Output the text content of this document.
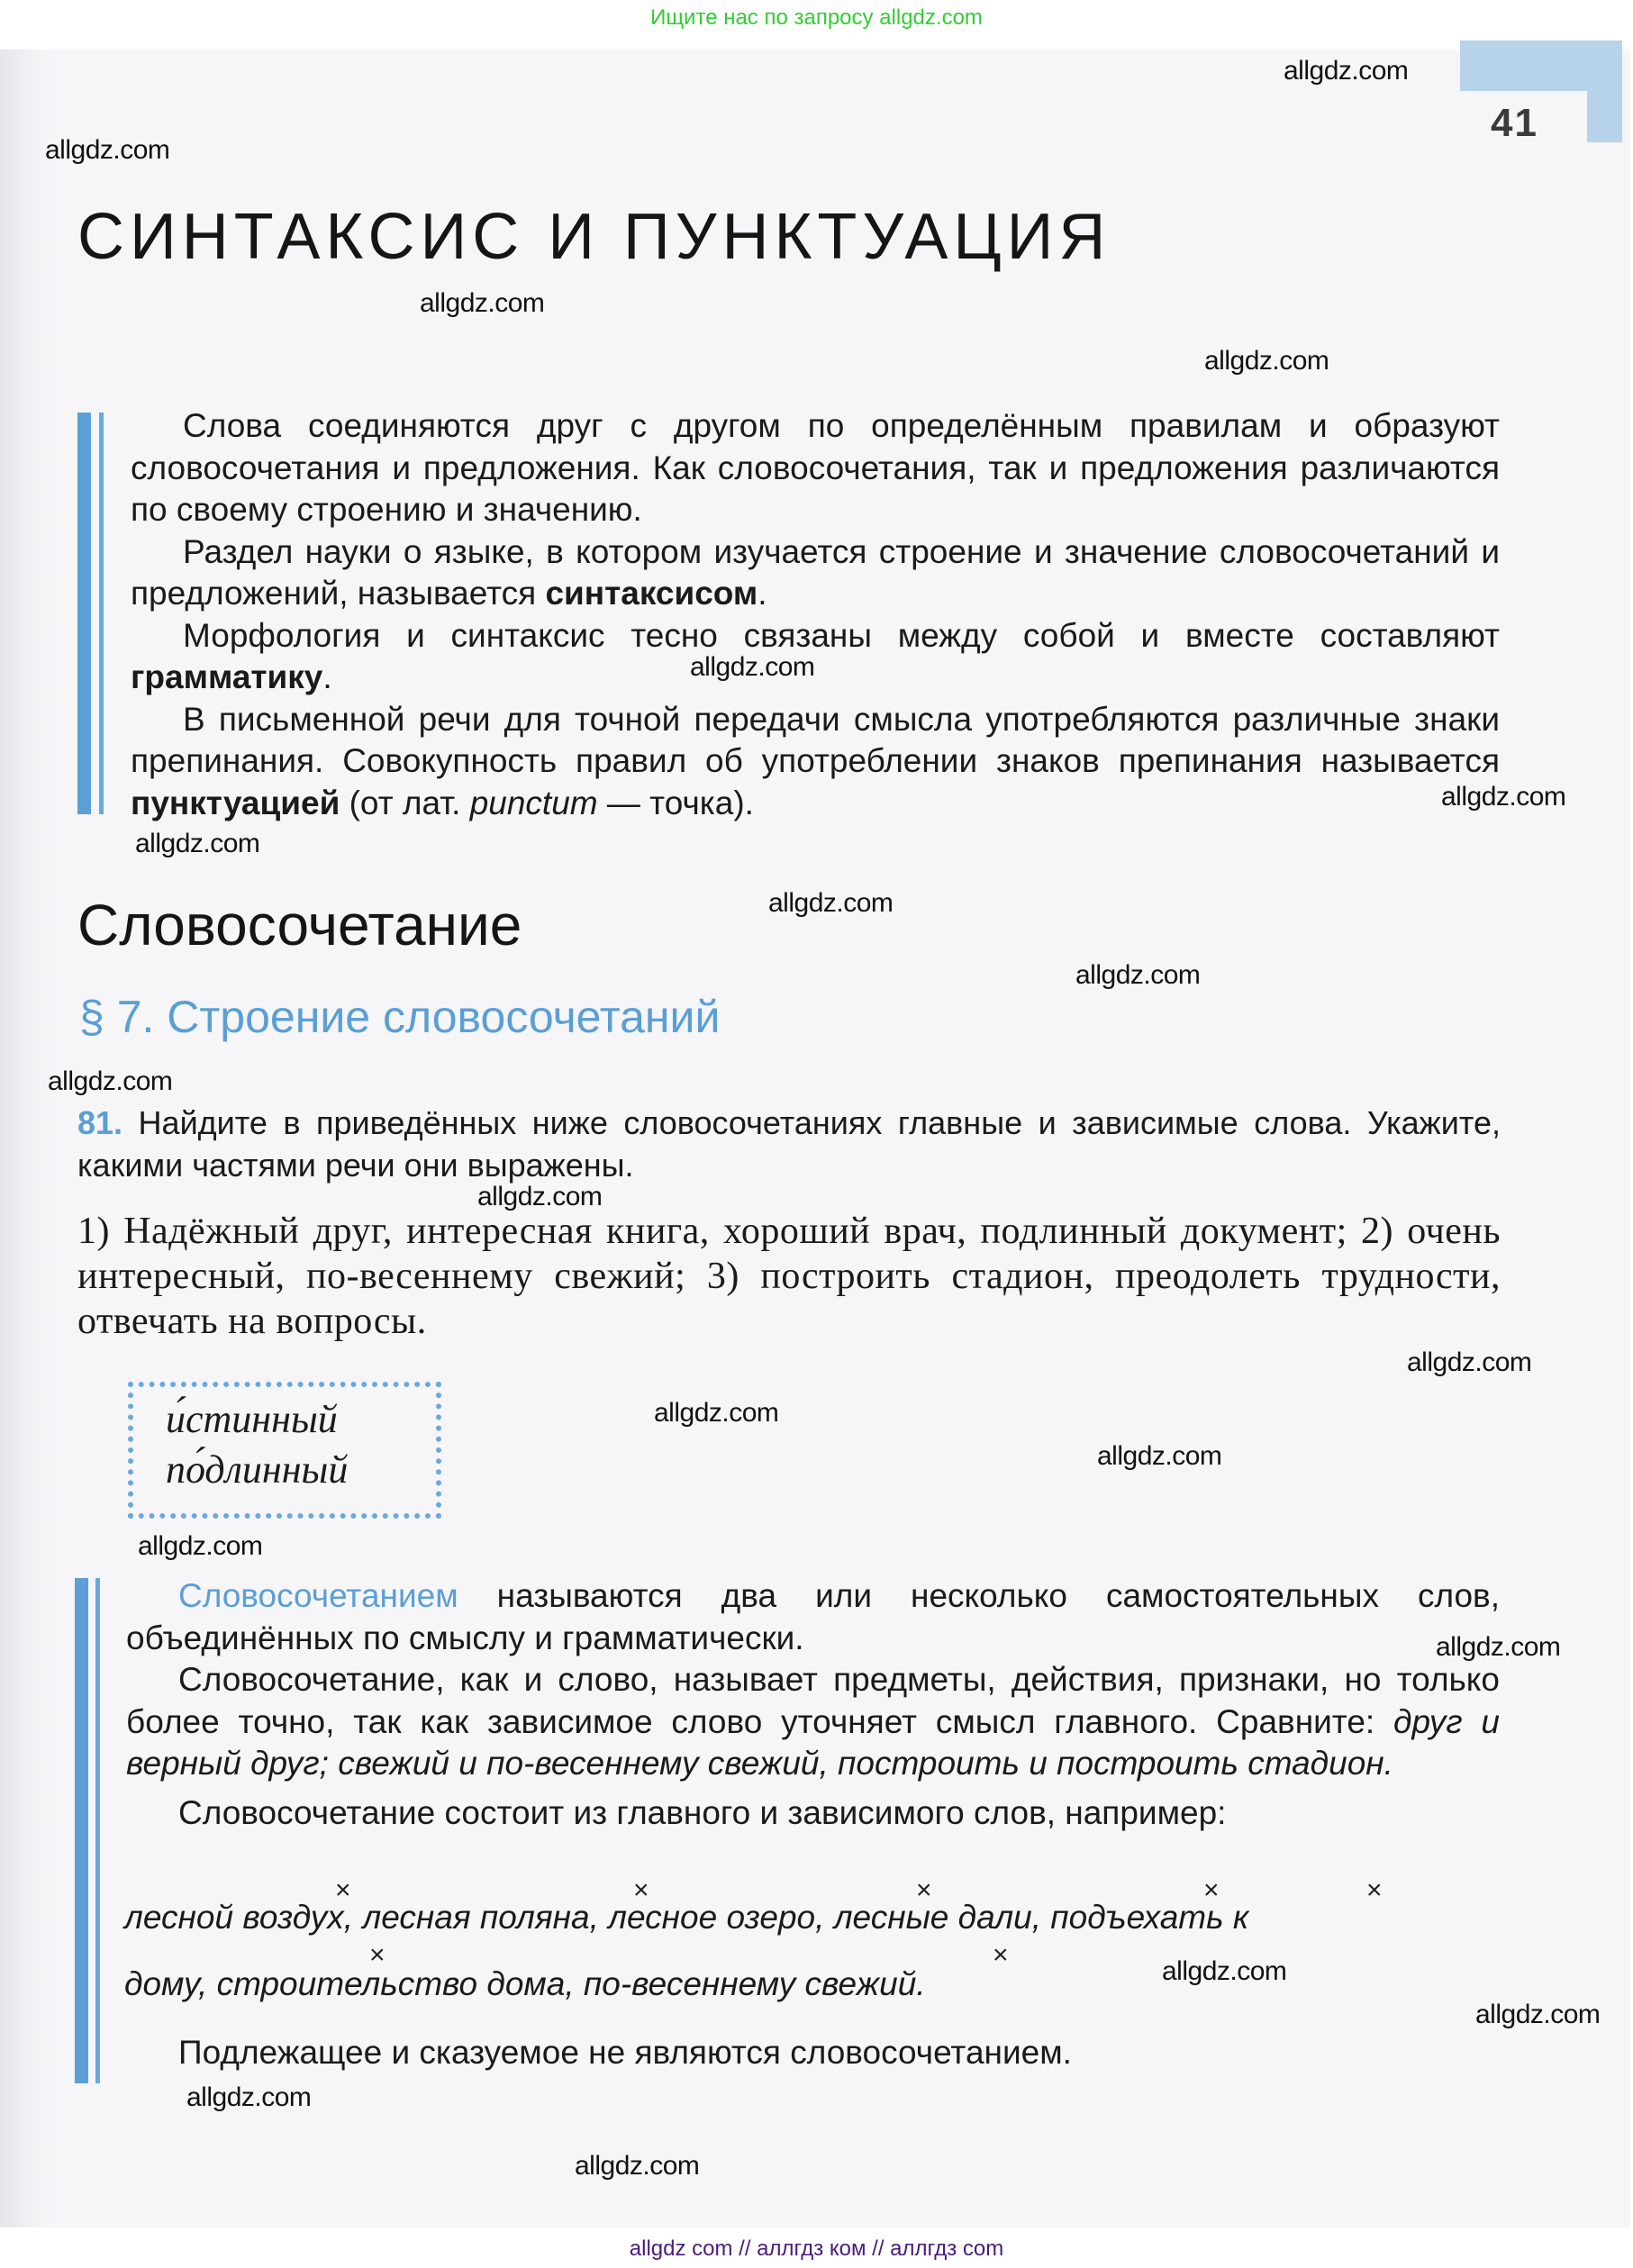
Ищите нас по запросу allgdz.com
41
СИНТАКСИС И ПУНКТУАЦИЯ

Слова соединяются друг с другом по определённым правилам и образуют словосочетания и предложения. Как словосочетания, так и предложения различаются по своему строению и значению.

Раздел науки о языке, в котором изучается строение и значение словосочетаний и предложений, называется синтаксисом.

Морфология и синтаксис тесно связаны между собой и вместе составляют грамматику.

В письменной речи для точной передачи смысла употребляются различные знаки препинания. Совокупность правил об употреблении знаков препинания называется пунктуацией (от лат. punctum — точка).

Словосочетание
§ 7. Строение словосочетаний
81. Найдите в приведённых ниже словосочетаниях главные и зависимые слова. Укажите, какими частями речи они выражены.
1) Надёжный друг, интересная книга, хороший врач, подлинный документ; 2) очень интересный, по-весеннему свежий; 3) построить стадион, преодолеть трудности, отвечать на вопросы.
и́стинный
по́длинный

Словосочетанием называются два или несколько самостоятельных слов, объединённых по смыслу и грамматически.

Словосочетание, как и слово, называет предметы, действия, признаки, но только более точно, так как зависимое слово уточняет смысл главного. Сравните: друг и верный друг; свежий и по-весеннему свежий, построить и построить стадион.

Словосочетание состоит из главного и зависимого слов, например:

×	×	×	×	×
лесной воздух, лесная поляна, лесное озеро, лесные дали, подъехать к
×	×
дому, строительство дома, по-весеннему свежий.

Подлежащее и сказуемое не являются словосочетанием.

allgdz.com
allgdz.com
allgdz.com
allgdz.com
allgdz.com
allgdz.com
allgdz.com
allgdz.com
allgdz.com
allgdz.com
allgdz.com
allgdz.com
allgdz.com
allgdz.com
allgdz.com
allgdz.com
allgdz.com
allgdz.com
allgdz.com
allgdz.com
allgdz com // аллгдз ком // аллгдз com
